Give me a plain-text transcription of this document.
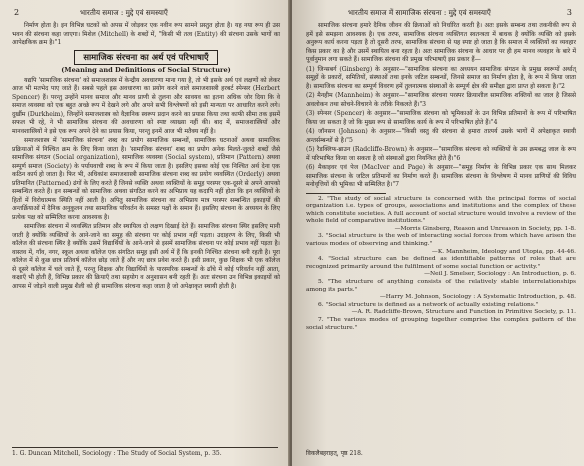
2	भारतीय समाज : मुद्दे एवं समस्याएँ

निर्माण होता है। इन विभिन्न घटकों को अपस में जोड़कर एक नवीन रूप सामने प्रस्तुत होता है। यह नया रूप ही उस भवन की संरचना कहा जाएगा। मिशेल (Mitchell) के शब्दों में, "किसी भी तत्व (Entity) की संरचना उसके भागों का आपेक्षकिक क्रम है।"1

सामाजिक संरचना का अर्थ एवं परिभाषाएँ
(Meaning and Definitions of Social Structure)

यद्यपि 'सामाजिक संरचना' को समाजशास्त्र में केन्द्रीय अवधारणा माना गया है, तो भी इसके अर्थ एवं लक्षणों को लेकर आज भी मतभेद पाए जाते हैं। सबसे पहले इस अवधारणा का प्रयोग करने वाले समाजशास्त्री हरबर्ट स्पेन्सर (Herbert Spencer) हैं। परन्तु उन्होंने मानव समाज और मानव प्राणी से तुलना और सावयव का इतना अधिक जोर दिया कि वे समाज व्यवस्था को एक बहुत अच्छे रूप में देखने लगे और अपने सभी विश्लेषणों को इसी मान्यता पर आधारित करने लगे। दुर्खीम (Durkheim), जिन्होंने समाजशास्त्र को वैज्ञानिक स्वरूप प्रदान करने का प्रयास किया तथा काफी सीमा तक इसमें सफल भी रहे, ने भी सामाजिक संरचना की अवधारणा को स्पष्ट व्याख्या नहीं की। बाद में, समाजशास्त्रियों और मानवशास्त्रियों ने इसे एक रूप अपने देने का प्रयास किया, परन्तु इनमें आज भी मतैक्य नहीं है।

समाजशास्त्र में 'सामाजिक संरचना' शब्द का प्रयोग सामाजिक सम्बन्धों, सामाजिक घटनाओं अथवा सामाजिक प्रक्रियाओं में निश्चित क्रम के लिए किया जाता है। 'सामाजिक संरचना' शब्द का प्रयोग अनेक मिलते-जुलते शब्दों जैसे सामाजिक संगठन (Social organization), सामाजिक व्यवस्था (Social system), प्रतिमान (Pattern) अथवा सम्पूर्ण समाज (Society) के पर्यायवाची शब्द के रूप में किया जाता है। इसलिए इसका कोई एक निश्चित अर्थ देना एक कठिन कार्य हो जाता है। फिर भी, अधिकांश समाजशास्त्री सामाजिक संरचना शब्द का प्रयोग व्यवस्थित (Orderly) अथवा प्रतिमानित (Patterned) ढंगों के लिए करते हैं जिनसे व्यक्ति अथवा व्यक्तियों के समूह परस्पर एक-दूसरे से अपने आपको सम्बन्धित करते हैं। इन सम्बन्धों को सामाजिक अथवा संगठित करने का अभिप्राय यह कदापि नहीं होता कि इन व्यक्तियों के हितों में विरोधात्मक स्थिति नहीं आती है। अपितु सामाजिक संरचना का अभिप्राय मात्र परस्पर सम्बन्धित इकाइयों की अन्तर्क्रियाओं में दैनिक अनुकूलन तथा सामाजिक परिवर्तन के समस्त पक्षों के समान हैं। इसलिए संरचना के अध्ययन के लिए प्रत्येक पक्ष को सम्मिलित करना आवश्यक है।

सामाजिक संरचना में व्यवस्थित प्रतिमान और स्थायित्व दो लक्षण दिखाई देते हैं। सामाजिक संरचना स्थिर इसलिए मानी जाती है क्योंकि व्यक्तियों के आने-जाने का समूह की संरचना पर कोई प्रभाव नहीं पड़ता। उदाहरण के लिए, किसी भी कॉलेज की संरचना स्थिर है क्योंकि उसमें विद्यार्थियों के आने-जाने से इसमें सामाजिक संरचना पर कोई प्रभाव नहीं पड़ता है। वास्तव में, गाँव, नगर, स्कूल अथवा कॉलेज एक संगठित समूह इसी अर्थ में हैं कि इनकी निश्चित संरचना बनी रहती है। पूरा कॉलेज में से कुछ छात्र प्रतिवर्ष कॉलेज छोड़ जाते हैं और नए छात्र प्रवेश करते हैं। इसी प्रकार, कुछ शिक्षक भी एक कॉलेज से दूसरे कॉलेज में चले जाते हैं, परन्तु शिक्षक और विद्यार्थियों के पारस्परिक सम्बन्धों के ढाँचे में कोई परिवर्तन नहीं आता, कक्षाएँ भी होती हैं, विभिन्न प्रकार की क्रियाएँ तथा सहयोग व अनुशासन बनी रहती हैं। अतः संरचना उन विभिन्न इकाइयों को आपस में जोड़ने वाली प्रमुख शैली को ही सामाजिक संरचना कहा जाता है जो अपेक्षाकृत स्थायी होती है।

1. G. Duncan Mitchell, Sociology : The Study of Social System, p. 35.
भारतीय समाज में सामाजिक संरचना : मुद्दे एवं समस्याएँ	3

सामाजिक संरचना हमारे दैनिक जीवन की क्रियाओं को निर्धारित करती है। अतः इसके सम्बन्ध तथा तकनीकी रूप से हमें इसे समझना आवश्यक है। एक तरफ, सामाजिक संरचना व्यक्तिगत स्वतन्त्रता में बाधक है क्योंकि व्यक्ति को इसके अनुरूप कार्य करना पड़ता है तो दूसरी तरफ, सामाजिक संरचना से यह स्पष्ट हो जाता है कि समाज में व्यक्तियों का व्यवहार किस प्रकार का है और उसमें स्थायित्व बना रहता है। अतः सामाजिक संरचना के आधार पर ही हम मानव व्यवहार के बारे में पूर्वानुमान लगा सकते हैं। सामाजिक संरचना की प्रमुख परिभाषाएँ इस प्रकार हैं—

(1) जिन्सबर्ग (Ginsberg) के अनुसार—"सामाजिक संरचना का अध्ययन सामाजिक संगठन के प्रमुख स्वरूपों अर्थात् समूहों के प्रकारों, समितियों, संस्थाओं तथा इनके जटिल सम्बन्धों, जिनसे समाज का निर्माण होता है, के रूप में किया जाता है। सामाजिक संरचना का सम्पूर्ण विवरण हमें तुलनात्मक संस्थाओं के सम्पूर्ण क्षेत्र की समीक्षा द्वारा प्राप्त हो सकता है।"2
(2) मैनहीम (Mannheim) के अनुसार—"सामाजिक संरचना परस्पर क्रियाशील सामाजिक शक्तियों का जाल है जिससे अवलोकन तथा सोचने-विचारने के तरीके निकलते हैं।"3
(3) स्पेन्सर (Spencer) के अनुसार—"सामाजिक संरचना को भूमिकाओं के उन विभिन्न प्रतिमानों के रूप में परिभाषित किया जा सकता है जो कि मुख्य रूप से सामाजिक कार्य के रूप में परिभाषित होते हैं।"4
(4) जॉनसन (Johnson) के अनुसार—"किसी वस्तु की संरचना से हमारा तात्पर्य उसके भागों में अपेक्षाकृत स्थायी अन्तर्सम्बन्धों से है।"5
(5) रैडक्लिफ-ब्राउन (Radcliffe-Brown) के अनुसार—"सामाजिक संरचना को व्यक्तियों के उस क्रमबद्ध जाल के रूप में परिभाषित किया जा सकता है जो संस्थाओं द्वारा नियन्त्रित होते हैं।"6
(6) मैकाइवर एवं पेज (MacIver and Page) के अनुसार—"समूह निर्माण के विभिन्न प्रकार एक साथ मिलकर सामाजिक संरचना के जटिल प्रतिमानों का निर्माण करते हैं। सामाजिक संरचना के विश्लेषण में मानव प्राणियों की विविध मनोवृत्तियों की भूमिका भी सम्मिलित है।"7

2. "The study of social structure is concerned with the principal forms of social organization i.e. types of groups, associations and institutions and the complex of these which constitute societies. A full account of social structure would involve a review of the whole field of comparative institutions."

—Morris Ginsberg, Reason and Unreason in Society, pp. 1-8.

3. "Social structure is the web of interacting social forces from which have arisen the various modes of observing and thinking."

—K. Mannheim, Ideology and Utopia, pp. 44-46.

4. "Social structure can be defined as identifiable patterns of roles that are recognized primarily around the fulfilment of some social function or activity."

—Neil J. Smelser, Sociology : An Introduction, p. 6.

5. "The structure of anything consists of the relatively stable interrelationships among its parts."

—Harry M. Johnson, Sociology : A Systematic Introduction, p. 48.

6. "Social structure is defined as a network of actually existing relations."

—A. R. Radcliffe-Brown, Structure and Function in Primitive Society, p. 11.

7. "The various modes of grouping together comprise the complex pattern of the social structure."

विकलैबहराहत्, पृष्ठ 218.
